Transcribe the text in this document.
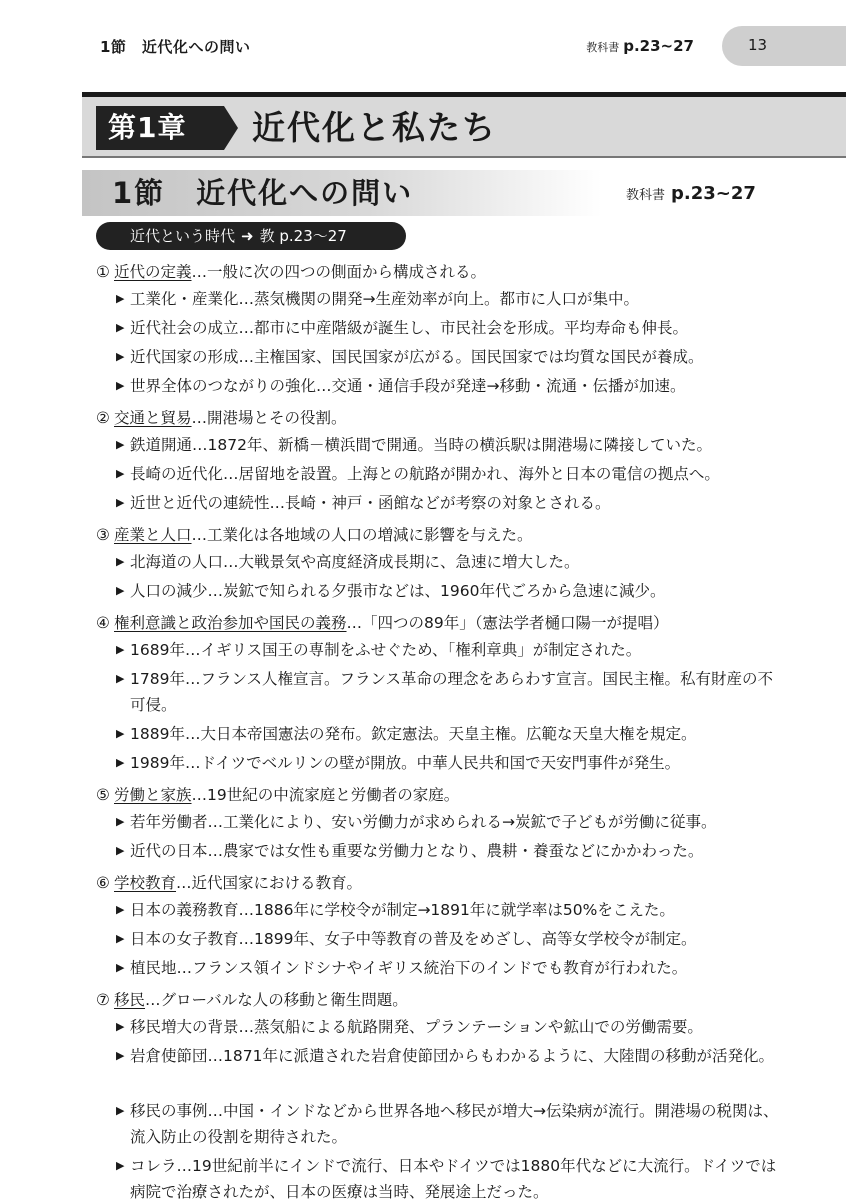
1節　近代化への問い	教科書 p.23~27	13
第1章	近代化と私たち
1節　近代化への問い	教科書 p.23~27
近代という時代 ➜ 教 p.23～27
① 近代の定義…一般に次の四つの側面から構成される。
▶ 工業化・産業化…蒸気機関の開発→生産効率が向上。都市に人口が集中。
▶ 近代社会の成立…都市に中産階級が誕生し、市民社会を形成。平均寿命も伸長。
▶ 近代国家の形成…主権国家、国民国家が広がる。国民国家では均質な国民が養成。
▶ 世界全体のつながりの強化…交通・通信手段が発達→移動・流通・伝播が加速。
② 交通と貿易…開港場とその役割。
▶ 鉄道開通…1872年、新橋－横浜間で開通。当時の横浜駅は開港場に隣接していた。
▶ 長崎の近代化…居留地を設置。上海との航路が開かれ、海外と日本の電信の拠点へ。
▶ 近世と近代の連続性…長崎・神戸・函館などが考察の対象とされる。
③ 産業と人口…工業化は各地域の人口の増減に影響を与えた。
▶ 北海道の人口…大戦景気や高度経済成長期に、急速に増大した。
▶ 人口の減少…炭鉱で知られる夕張市などは、1960年代ごろから急速に減少。
④ 権利意識と政治参加や国民の義務…「四つの89年」（憲法学者樋口陽一が提唱）
▶ 1689年…イギリス国王の専制をふせぐため、「権利章典」が制定された。
▶ 1789年…フランス人権宣言。フランス革命の理念をあらわす宣言。国民主権。私有財産の不可侵。
▶ 1889年…大日本帝国憲法の発布。欽定憲法。天皇主権。広範な天皇大権を規定。
▶ 1989年…ドイツでベルリンの壁が開放。中華人民共和国で天安門事件が発生。
⑤ 労働と家族…19世紀の中流家庭と労働者の家庭。
▶ 若年労働者…工業化により、安い労働力が求められる→炭鉱で子どもが労働に従事。
▶ 近代の日本…農家では女性も重要な労働力となり、農耕・養蚕などにかかわった。
⑥ 学校教育…近代国家における教育。
▶ 日本の義務教育…1886年に学校令が制定→1891年に就学率は50%をこえた。
▶ 日本の女子教育…1899年、女子中等教育の普及をめざし、高等女学校令が制定。
▶ 植民地…フランス領インドシナやイギリス統治下のインドでも教育が行われた。
⑦ 移民…グローバルな人の移動と衛生問題。
▶ 移民増大の背景…蒸気船による航路開発、プランテーションや鉱山での労働需要。
▶ 岩倉使節団…1871年に派遣された岩倉使節団からもわかるように、大陸間の移動が活発化。
▶ 移民の事例…中国・インドなどから世界各地へ移民が増大→伝染病が流行。開港場の税関は、流入防止の役割を期待された。
▶ コレラ…19世紀前半にインドで流行、日本やドイツでは1880年代などに大流行。ドイツでは病院で治療されたが、日本の医療は当時、発展途上だった。
